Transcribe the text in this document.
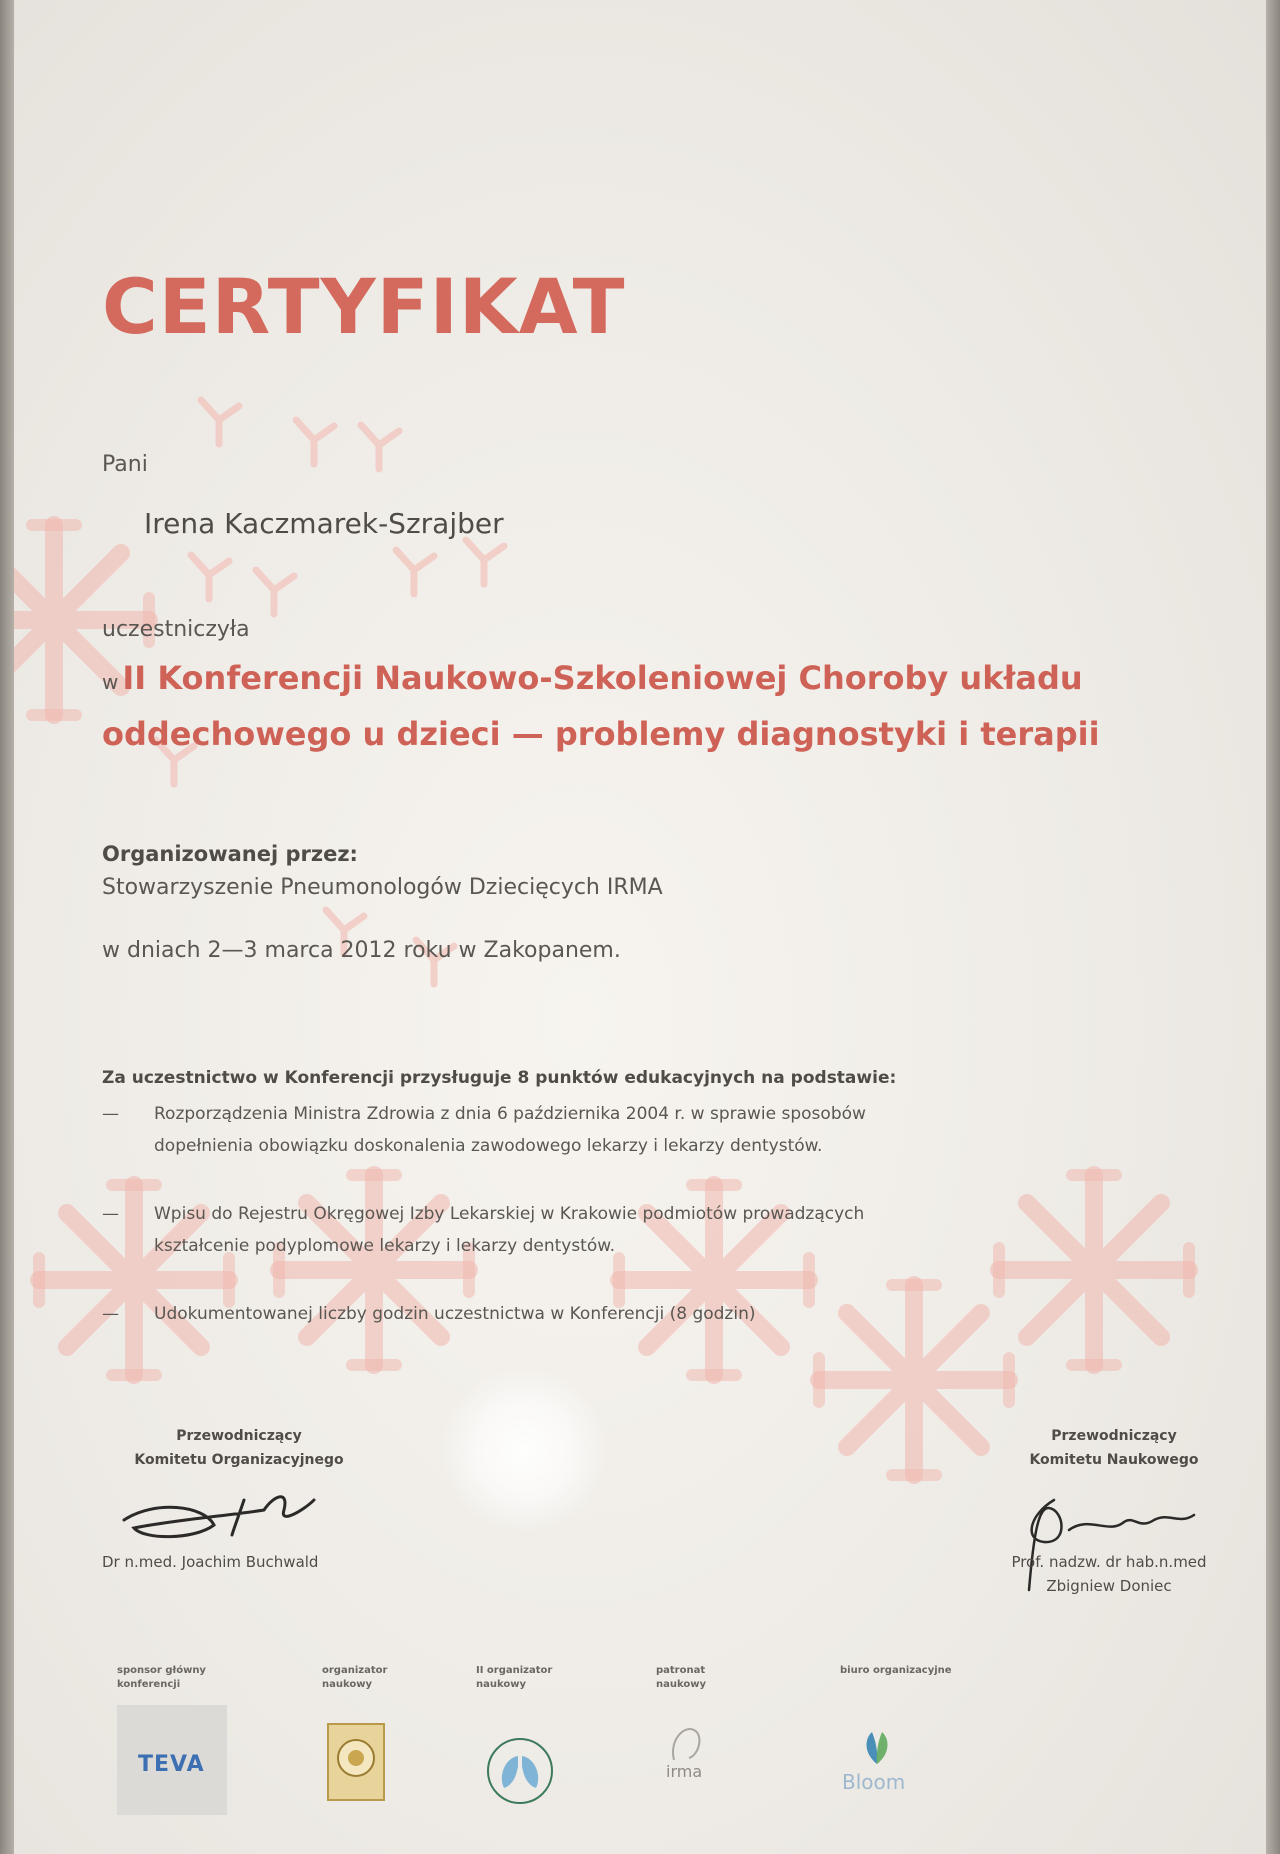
CERTYFIKAT
Pani
Irena Kaczmarek-Szrajber
uczestniczyła
w II Konferencji Naukowo-Szkoleniowej Choroby układu
oddechowego u dzieci — problemy diagnostyki i terapii
Organizowanej przez:
Stowarzyszenie Pneumonologów Dziecięcych IRMA
w dniach 2—3 marca 2012 roku w Zakopanem.
Za uczestnictwo w Konferencji przysługuje 8 punktów edukacyjnych na podstawie:
— Rozporządzenia Ministra Zdrowia z dnia 6 października 2004 r. w sprawie sposobów
dopełnienia obowiązku doskonalenia zawodowego lekarzy i lekarzy dentystów.
— Wpisu do Rejestru Okręgowej Izby Lekarskiej w Krakowie podmiotów prowadzących
kształcenie podyplomowe lekarzy i lekarzy dentystów.
— Udokumentowanej liczby godzin uczestnictwa w Konferencji (8 godzin)
Przewodniczący
Komitetu Organizacyjnego
Dr n.med. Joachim Buchwald
Przewodniczący
Komitetu Naukowego
Prof. nadzw. dr hab.n.med
Zbigniew Doniec
sponsor główny
konferencji
TEVA
organizator
naukowy
II organizator
naukowy
patronat
naukowy
irma
biuro organizacyjne
Bloom
